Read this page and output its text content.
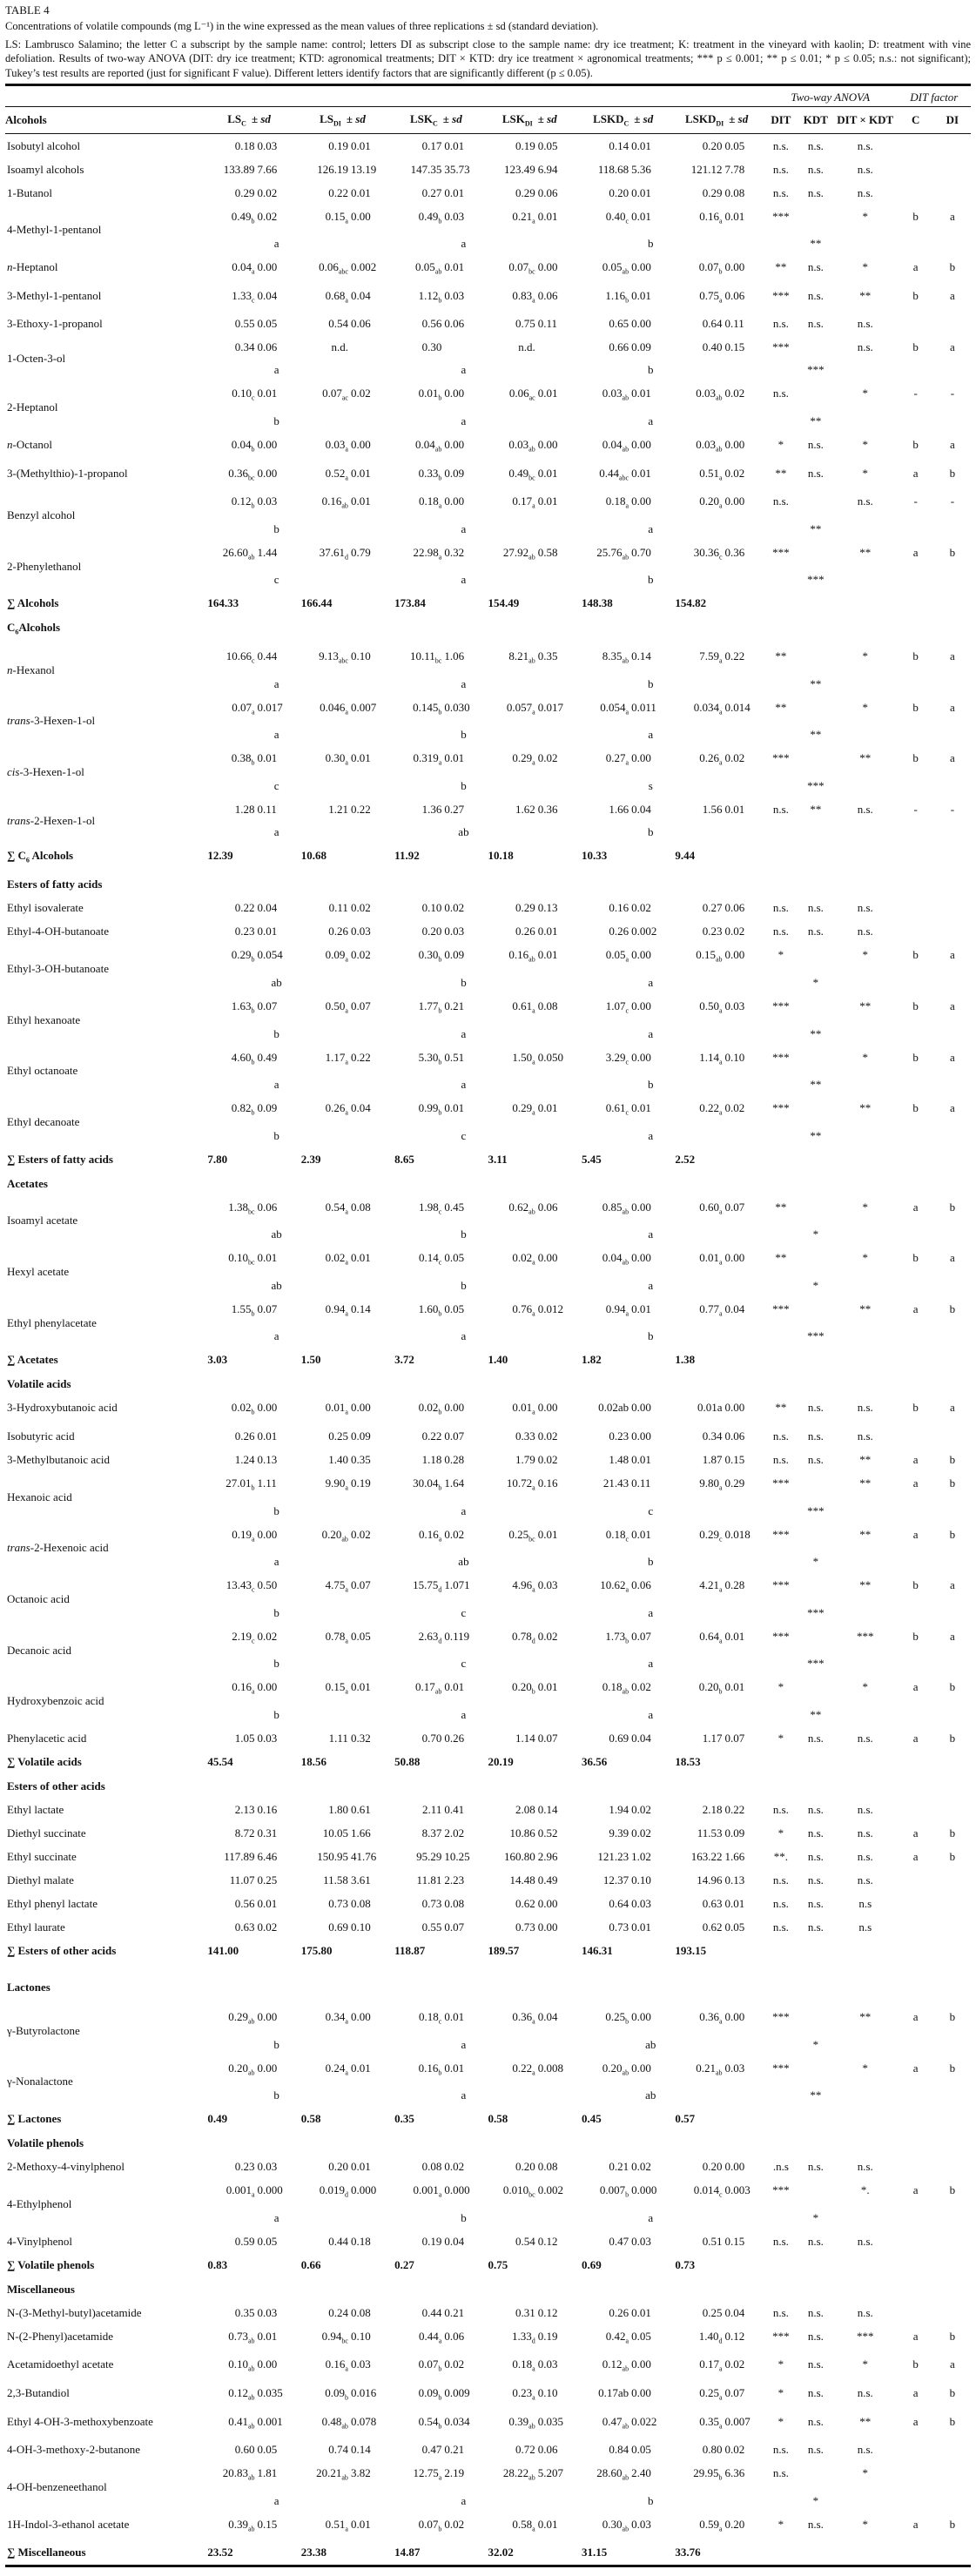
TABLE 4
Concentrations of volatile compounds (mg L⁻¹) in the wine expressed as the mean values of three replications ± sd (standard deviation).
LS: Lambrusco Salamino; the letter C a subscript by the sample name: control; letters DI as subscript close to the sample name: dry ice treatment; K: treatment in the vineyard with kaolin; D: treatment with vine defoliation. Results of two-way ANOVA (DIT: dry ice treatment; KTD: agronomical treatments; DIT × KTD: dry ice treatment × agronomical treatments; *** p ≤ 0.001; ** p ≤ 0.01; * p ≤ 0.05; n.s.: not significant); Tukey’s test results are reported (just for significant F value). Different letters identify factors that are significantly different (p ≤ 0.05).
													Two-way ANOVA			DIT factor	
Alcohols	$LS_C$ ± sd		$LS_{DI}$ ± sd		$LSK_C$ ± sd		$LSK_{DI}$ ± sd		$LSKD_C$ ± sd		$LSKD_{DI}$ ± sd		DIT	KDT	DIT × KDT	C	DI
Isobutyl alcohol	0.18	0.03	0.19	0.01	0.17	0.01	0.19	0.05	0.14	0.01	0.20	0.05	n.s.	n.s.	n.s.		
Isoamyl alcohols	133.89	7.66	126.19	13.19	147.35	35.73	123.49	6.94	118.68	5.36	121.12	7.78	n.s.	n.s.	n.s.		
1-Butanol	0.29	0.02	0.22	0.01	0.27	0.01	0.29	0.06	0.20	0.01	0.29	0.08	n.s.	n.s.	n.s.		
4-Methyl-1-pentanol	$0.49_b$	0.02	$0.15_a$	0.00	$0.49_b$	0.03	$0.21_a$	0.01	$0.40_c$	0.01	$0.16_a$	0.01	***		*	b	a
		a				a				b				**			
n-Heptanol	$0.04_a$	0.00	$0.06_{abc}$	0.002	$0.05_{ab}$	0.01	$0.07_{bc}$	0.00	$0.05_{ab}$	0.00	$0.07_b$	0.00	**	n.s.	*	a	b
3-Methyl-1-pentanol	$1.33_c$	0.04	$0.68_a$	0.04	$1.12_b$	0.03	$0.83_a$	0.06	$1.16_b$	0.01	$0.75_a$	0.06	***	n.s.	**	b	a
3-Ethoxy-1-propanol	0.55	0.05	0.54	0.06	0.56	0.06	0.75	0.11	0.65	0.00	0.64	0.11	n.s.	n.s.	n.s.		
1-Octen-3-ol	0.34	0.06	n.d.		0.30		n.d.		0.66	0.09	0.40	0.15	***		n.s.	b	a
		a				a				b				***			
2-Heptanol	$0.10_c$	0.01	$0.07_{ac}$	0.02	$0.01_b$	0.00	$0.06_{ac}$	0.01	$0.03_{ab}$	0.01	$0.03_{ab}$	0.02	n.s.		*	-	-
		b				a				a				**			
n-Octanol	$0.04_b$	0.00	$0.03_a$	0.00	$0.04_{ab}$	0.00	$0.03_{ab}$	0.00	$0.04_{ab}$	0.00	$0.03_{ab}$	0.00	*	n.s.	*	b	a
3-(Methylthio)-1-propanol	$0.36_{bc}$	0.00	$0.52_a$	0.01	$0.33_b$	0.09	$0.49_{bc}$	0.01	$0.44_{abc}$	0.01	$0.51_a$	0.02	**	n.s.	*	a	b
Benzyl alcohol	$0.12_b$	0.03	$0.16_{ab}$	0.01	$0.18_a$	0.00	$0.17_a$	0.01	$0.18_a$	0.00	$0.20_a$	0.00	n.s.		n.s.	-	-
		b				a				a				**			
2-Phenylethanol	$26.60_{ab}$	1.44	$37.61_d$	0.79	$22.98_a$	0.32	$27.92_{ab}$	0.58	$25.76_{ab}$	0.70	$30.36_c$	0.36	***		**	a	b
		c				a				b				***			
∑ Alcohols	164.33		166.44		173.84		154.49		148.38		154.82						
$C_6Alcohols$																	
n-Hexanol	$10.66_c$	0.44	$9.13_{abc}$	0.10	$10.11_{bc}$	1.06	$8.21_{ab}$	0.35	$8.35_{ab}$	0.14	$7.59_a$	0.22	**		*	b	a
		a				a				b				**			
trans-3-Hexen-1-ol	$0.07_a$	0.017	$0.046_a$	0.007	$0.145_b$	0.030	$0.057_a$	0.017	$0.054_a$	0.011	$0.034_a$	0.014	**		*	b	a
		a				b				a				**			
cis-3-Hexen-1-ol	$0.38_b$	0.01	$0.30_a$	0.01	$0.319_a$	0.01	$0.29_a$	0.02	$0.27_a$	0.00	$0.26_a$	0.02	***		**	b	a
		c				b				s				***			
trans-2-Hexen-1-ol	1.28	0.11	1.21	0.22	1.36	0.27	1.62	0.36	1.66	0.04	1.56	0.01	n.s.	**	n.s.	-	-
		a				ab				b							
∑ $C_6$ Alcohols	12.39		10.68		11.92		10.18		10.33		9.44						
Esters of fatty acids																	
Ethyl isovalerate	0.22	0.04	0.11	0.02	0.10	0.02	0.29	0.13	0.16	0.02	0.27	0.06	n.s.	n.s.	n.s.		
Ethyl-4-OH-butanoate	0.23	0.01	0.26	0.03	0.20	0.03	0.26	0.01	0.26	0.002	0.23	0.02	n.s.	n.s.	n.s.		
Ethyl-3-OH-butanoate	$0.29_b$	0.054	$0.09_a$	0.02	$0.30_b$	0.09	$0.16_{ab}$	0.01	$0.05_a$	0.00	$0.15_{ab}$	0.00	*		*	b	a
		ab				b				a				*			
Ethyl hexanoate	$1.63_b$	0.07	$0.50_a$	0.07	$1.77_b$	0.21	$0.61_a$	0.08	$1.07_c$	0.00	$0.50_a$	0.03	***		**	b	a
		b				a				a				**			
Ethyl octanoate	$4.60_b$	0.49	$1.17_a$	0.22	$5.30_b$	0.51	$1.50_a$	0.050	$3.29_c$	0.00	$1.14_a$	0.10	***		*	b	a
		a				a				b				**			
Ethyl decanoate	$0.82_b$	0.09	$0.26_a$	0.04	$0.99_b$	0.01	$0.29_a$	0.01	$0.61_c$	0.01	$0.22_a$	0.02	***		**	b	a
		b				c				a				**			
∑ Esters of fatty acids	7.80		2.39		8.65		3.11		5.45		2.52						
Acetates																	
Isoamyl acetate	$1.38_{bc}$	0.06	$0.54_a$	0.08	$1.98_c$	0.45	$0.62_{ab}$	0.06	$0.85_{ab}$	0.00	$0.60_a$	0.07	**		*	a	b
		ab				b				a				*			
Hexyl acetate	$0.10_{bc}$	0.01	$0.02_a$	0.01	$0.14_c$	0.05	$0.02_a$	0.00	$0.04_{ab}$	0.00	$0.01_a$	0.00	**		*	b	a
		ab				b				a				*			
Ethyl phenylacetate	$1.55_b$	0.07	$0.94_a$	0.14	$1.60_b$	0.05	$0.76_a$	0.012	$0.94_a$	0.01	$0.77_a$	0.04	***		**	a	b
		a				a				b				***			
∑ Acetates	3.03		1.50		3.72		1.40		1.82		1.38						
Volatile acids																	
3-Hydroxybutanoic acid	$0.02_b$	0.00	$0.01_a$	0.00	$0.02_b$	0.00	$0.01_a$	0.00	0.02ab	0.00	0.01a	0.00	**	n.s.	n.s.	b	a
Isobutyric acid	0.26	0.01	0.25	0.09	0.22	0.07	0.33	0.02	0.23	0.00	0.34	0.06	n.s.	n.s.	n.s.		
3-Methylbutanoic acid	1.24	0.13	1.40	0.35	1.18	0.28	1.79	0.02	1.48	0.01	1.87	0.15	n.s.	n.s.	**	a	b
Hexanoic acid	$27.01_b$	1.11	$9.90_a$	0.19	$30.04_b$	1.64	$10.72_a$	0.16	21.43	0.11	$9.80_a$	0.29	***		**	a	b
		b				a				c				***			
trans-2-Hexenoic acid	$0.19_a$	0.00	$0.20_{ab}$	0.02	$0.16_a$	0.02	$0.25_{bc}$	0.01	$0.18_c$	0.01	$0.29_c$	0.018	***		**	a	b
		a				ab				b				*			
Octanoic acid	$13.43_c$	0.50	$4.75_a$	0.07	$15.75_d$	1.071	$4.96_a$	0.03	$10.62_a$	0.06	$4.21_a$	0.28	***		**	b	a
		b				c				a				***			
Decanoic acid	$2.19_c$	0.02	$0.78_a$	0.05	$2.63_d$	0.119	$0.78_d$	0.02	$1.73_b$	0.07	$0.64_a$	0.01	***		***	b	a
		b				c				a				***			
Hydroxybenzoic acid	$0.16_a$	0.00	$0.15_a$	0.01	$0.17_{ab}$	0.01	$0.20_b$	0.01	$0.18_{ab}$	0.02	$0.20_b$	0.01	*		*	a	b
		b				a				a				**			
Phenylacetic acid	1.05	0.03	1.11	0.32	0.70	0.26	1.14	0.07	0.69	0.04	1.17	0.07	*	n.s.	n.s.	a	b
∑ Volatile acids	45.54		18.56		50.88		20.19		36.56		18.53						
Esters of other acids																	
Ethyl lactate	2.13	0.16	1.80	0.61	2.11	0.41	2.08	0.14	1.94	0.02	2.18	0.22	n.s.	n.s.	n.s.		
Diethyl succinate	8.72	0.31	10.05	1.66	8.37	2.02	10.86	0.52	9.39	0.02	11.53	0.09	*	n.s.	n.s.	a	b
Ethyl succinate	117.89	6.46	150.95	41.76	95.29	10.25	160.80	2.96	121.23	1.02	163.22	1.66	**.	n.s.	n.s.	a	b
Diethyl malate	11.07	0.25	11.58	3.61	11.81	2.23	14.48	0.49	12.37	0.10	14.96	0.13	n.s.	n.s.	n.s.		
Ethyl phenyl lactate	0.56	0.01	0.73	0.08	0.73	0.08	0.62	0.00	0.64	0.03	0.63	0.01	n.s.	n.s.	n.s		
Ethyl laurate	0.63	0.02	0.69	0.10	0.55	0.07	0.73	0.00	0.73	0.01	0.62	0.05	n.s.	n.s.	n.s		
∑ Esters of other acids	141.00		175.80		118.87		189.57		146.31		193.15						
Lactones																	
γ-Butyrolactone	$0.29_{ab}$	0.00	$0.34_a$	0.00	$0.18_c$	0.01	$0.36_a$	0.04	$0.25_b$	0.00	$0.36_a$	0.00	***		**	a	b
		b				a				ab				*			
γ-Nonalactone	$0.20_{ab}$	0.00	$0.24_a$	0.01	$0.16_b$	0.01	$0.22_a$	0.008	$0.20_{ab}$	0.00	$0.21_{ab}$	0.03	***		*	a	b
		b				a				ab				**			
∑ Lactones	0.49		0.58		0.35		0.58		0.45		0.57						
Volatile phenols																	
2-Methoxy-4-vinylphenol	0.23	0.03	0.20	0.01	0.08	0.02	0.20	0.08	0.21	0.02	0.20	0.00	.n.s	n.s.	n.s.		
4-Ethylphenol	$0.001_a$	0.000	$0.019_d$	0.000	$0.001_a$	0.000	$0.010_{bc}$	0.002	$0.007_b$	0.000	$0.014_c$	0.003	***		*.	a	b
		a				b				a				*			
4-Vinylphenol	0.59	0.05	0.44	0.18	0.19	0.04	0.54	0.12	0.47	0.03	0.51	0.15	n.s.	n.s.	n.s.		
∑ Volatile phenols	0.83		0.66		0.27		0.75		0.69		0.73						
Miscellaneous																	
N-(3-Methyl-butyl)acetamide	0.35	0.03	0.24	0.08	0.44	0.21	0.31	0.12	0.26	0.01	0.25	0.04	n.s.	n.s.	n.s.		
N-(2-Phenyl)acetamide	$0.73_{ab}$	0.01	$0.94_{bc}$	0.10	$0.44_a$	0.06	$1.33_d$	0.19	$0.42_a$	0.05	$1.40_d$	0.12	***	n.s.	***	a	b
Acetamidoethyl acetate	$0.10_{ab}$	0.00	$0.16_a$	0.03	$0.07_b$	0.02	$0.18_a$	0.03	$0.12_{ab}$	0.00	$0.17_a$	0.02	*	n.s.	*	b	a
2,3-Butandiol	$0.12_{ab}$	0.035	$0.09_b$	0.016	$0.09_b$	0.009	$0.23_a$	0.10	0.17ab	0.00	$0.25_a$	0.07	*	n.s.	n.s.	a	b
Ethyl 4-OH-3-methoxybenzoate	$0.41_{ab}$	0.001	$0.48_{ab}$	0.078	$0.54_b$	0.034	$0.39_{ab}$	0.035	$0.47_{ab}$	0.022	$0.35_a$	0.007	*	n.s.	**	a	b
4-OH-3-methoxy-2-butanone	0.60	0.05	0.74	0.14	0.47	0.21	0.72	0.06	0.84	0.05	0.80	0.02	n.s.	n.s.	n.s.		
4-OH-benzeneethanol	$20.83_{ab}$	1.81	$20.21_{ab}$	3.82	$12.75_a$	2.19	$28.22_{ab}$	5.207	$28.60_{ab}$	2.40	$29.95_b$	6.36	n.s.		*		
		a				a				b				*			
1H-Indol-3-ethanol acetate	$0.39_{ab}$	0.15	$0.51_a$	0.01	$0.07_b$	0.02	$0.58_a$	0.01	$0.30_{ab}$	0.03	$0.59_a$	0.20	*	n.s.	*	a	b
∑ Miscellaneous	23.52		23.38		14.87		32.02		31.15		33.76						
